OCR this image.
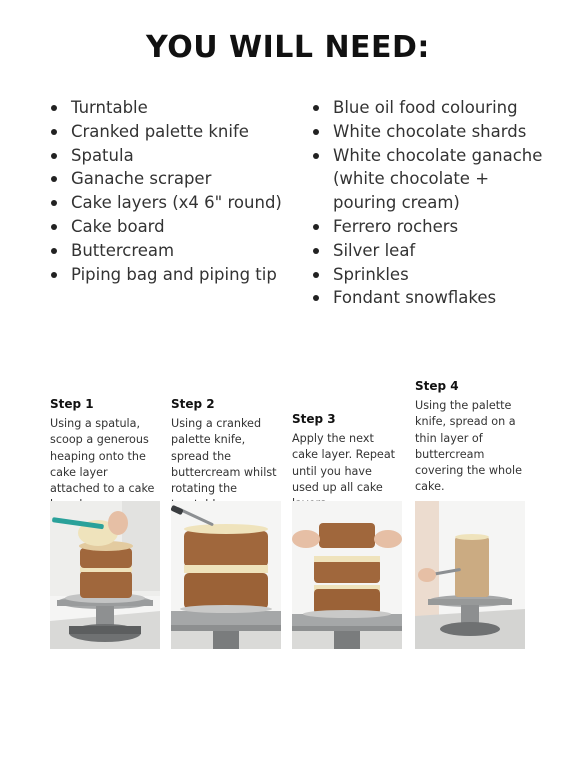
YOU WILL NEED:
Turntable
Cranked palette knife
Spatula
Ganache scraper
Cake layers (x4 6" round)
Cake board
Buttercream
Piping bag and piping tip
Blue oil food colouring
White chocolate shards
White chocolate ganache (white chocolate + pouring cream)
Ferrero rochers
Silver leaf
Sprinkles
Fondant snowflakes
Step 1
Using a spatula, scoop a generous heaping onto the cake layer attached to a cake
Step 2
Using a cranked palette knife, spread the buttercream whilst rotating the
Step 3
Apply the next cake layer. Repeat until you have used up all cake
Step 4
Using the palette knife, spread on a thin layer of buttercream covering the whole cake.
